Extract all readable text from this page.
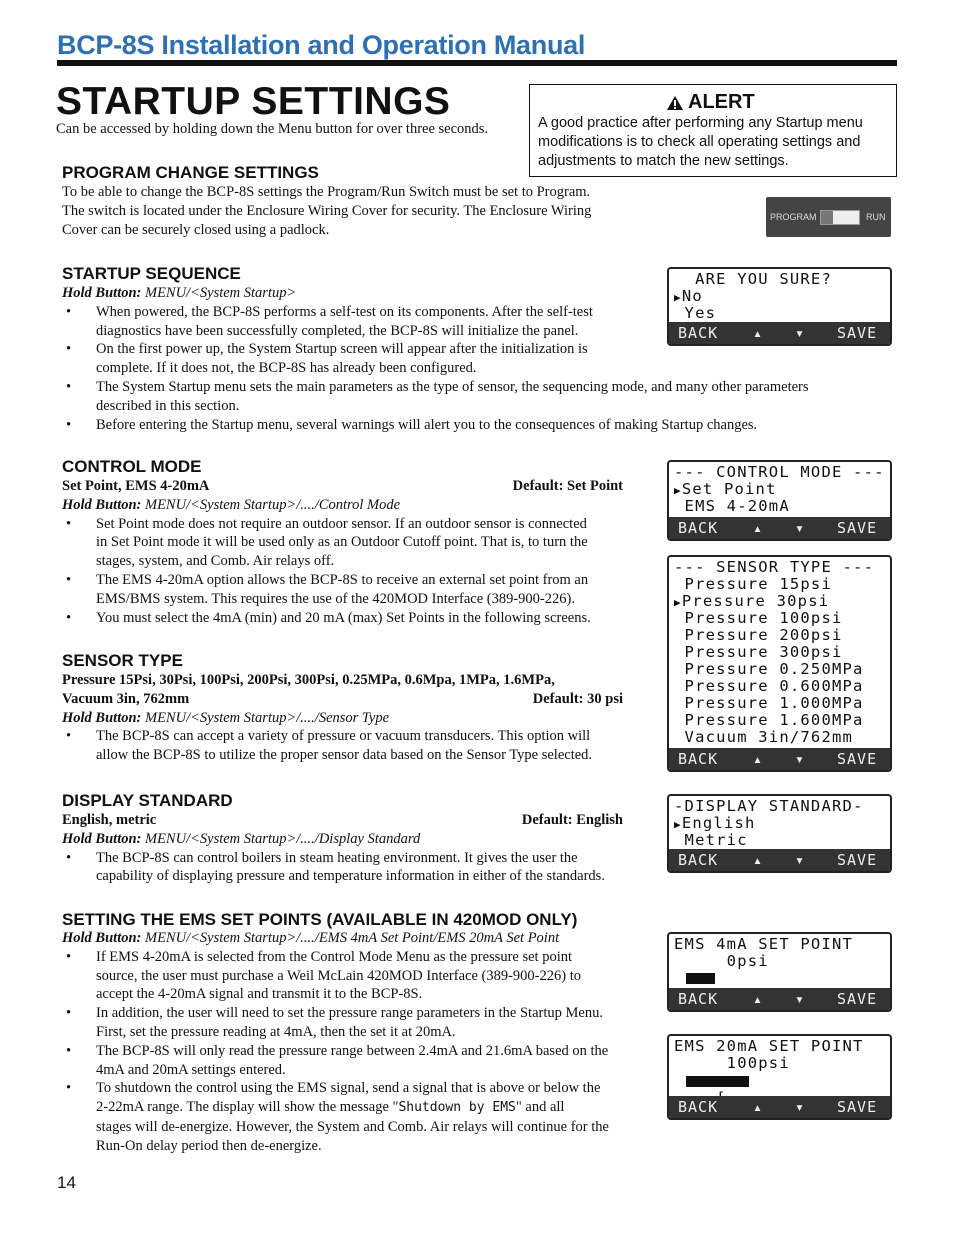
BCP-8S Installation and Operation Manual
STARTUP SETTINGS
Can be accessed by holding down the Menu button for over three seconds.
ALERT
A good practice after performing any Startup menu modifications is to check all operating settings and adjustments to match the new settings.
PROGRAM CHANGE SETTINGS
To be able to change the BCP-8S settings the Program/Run Switch must be set to Program.
The switch is located under the Enclosure Wiring Cover for security. The Enclosure Wiring
Cover can be securely closed using a padlock.
PROGRAM	RUN
STARTUP SEQUENCE
Hold Button: MENU/<System Startup>
• When powered, the BCP-8S performs a self-test on its components. After the self-test
diagnostics have been successfully completed, the BCP-8S will initialize the panel.
• On the first power up, the System Startup screen will appear after the initialization is
complete. If it does not, the BCP-8S has already been configured.
• The System Startup menu sets the main parameters as the type of sensor, the sequencing mode, and many other parameters
described in this section.
• Before entering the Startup menu, several warnings will alert you to the consequences of making Startup changes.
CONTROL MODE
Set Point, EMS 4-20mA	Default: Set Point
Hold Button: MENU/<System Startup>/..../Control Mode
• Set Point mode does not require an outdoor sensor. If an outdoor sensor is connected
in Set Point mode it will be used only as an Outdoor Cutoff point. That is, to turn the
stages, system, and Comb. Air relays off.
• The EMS 4-20mA option allows the BCP-8S to receive an external set point from an
EMS/BMS system. This requires the use of the 420MOD Interface (389-900-226).
• You must select the 4mA (min) and 20 mA (max) Set Points in the following screens.
SENSOR TYPE
Pressure 15Psi, 30Psi, 100Psi, 200Psi, 300Psi, 0.25MPa, 0.6Mpa, 1MPa, 1.6MPa,
Vacuum 3in, 762mm	Default: 30 psi
Hold Button: MENU/<System Startup>/..../Sensor Type
• The BCP-8S can accept a variety of pressure or vacuum transducers. This option will
allow the BCP-8S to utilize the proper sensor data based on the Sensor Type selected.
DISPLAY STANDARD
English, metric	Default: English
Hold Button: MENU/<System Startup>/..../Display Standard
• The BCP-8S can control boilers in steam heating environment. It gives the user the
capability of displaying pressure and temperature information in either of the standards.
SETTING THE EMS SET POINTS (AVAILABLE IN 420MOD ONLY)
Hold Button: MENU/<System Startup>/..../EMS 4mA Set Point/EMS 20mA Set Point
• If EMS 4-20mA is selected from the Control Mode Menu as the pressure set point
source, the user must purchase a Weil McLain 420MOD Interface (389-900-226) to
accept the 4-20mA signal and transmit it to the BCP-8S.
• In addition, the user will need to set the pressure range parameters in the Startup Menu.
First, set the pressure reading at 4mA, then the set it at 20mA.
• The BCP-8S will only read the pressure range between 2.4mA and 21.6mA based on the
4mA and 20mA settings entered.
• To shutdown the control using the EMS signal, send a signal that is above or below the
2-22mA range. The display will show the message "Shutdown by EMS" and all
stages will de-energize. However, the System and Comb. Air relays will continue for the
Run-On delay period then de-energize.
ARE YOU SURE?
▶No
Yes
BACK ▴ ▾ SAVE
--- CONTROL MODE ---
▶Set Point
EMS 4-20mA
BACK ▴ ▾ SAVE
--- SENSOR TYPE ---
Pressure 15psi
▶Pressure 30psi
Pressure 100psi
Pressure 200psi
Pressure 300psi
Pressure 0.250MPa
Pressure 0.600MPa
Pressure 1.000MPa
Pressure 1.600MPa
Vacuum 3in/762mm
BACK ▴ ▾ SAVE
-DISPLAY STANDARD-
▶English
Metric
BACK ▴ ▾ SAVE
EMS 4mA SET POINT
0psi

BACK ▴ ▾ SAVE
EMS 20mA SET POINT
100psi

BACK ▴ ▾ SAVE
14
